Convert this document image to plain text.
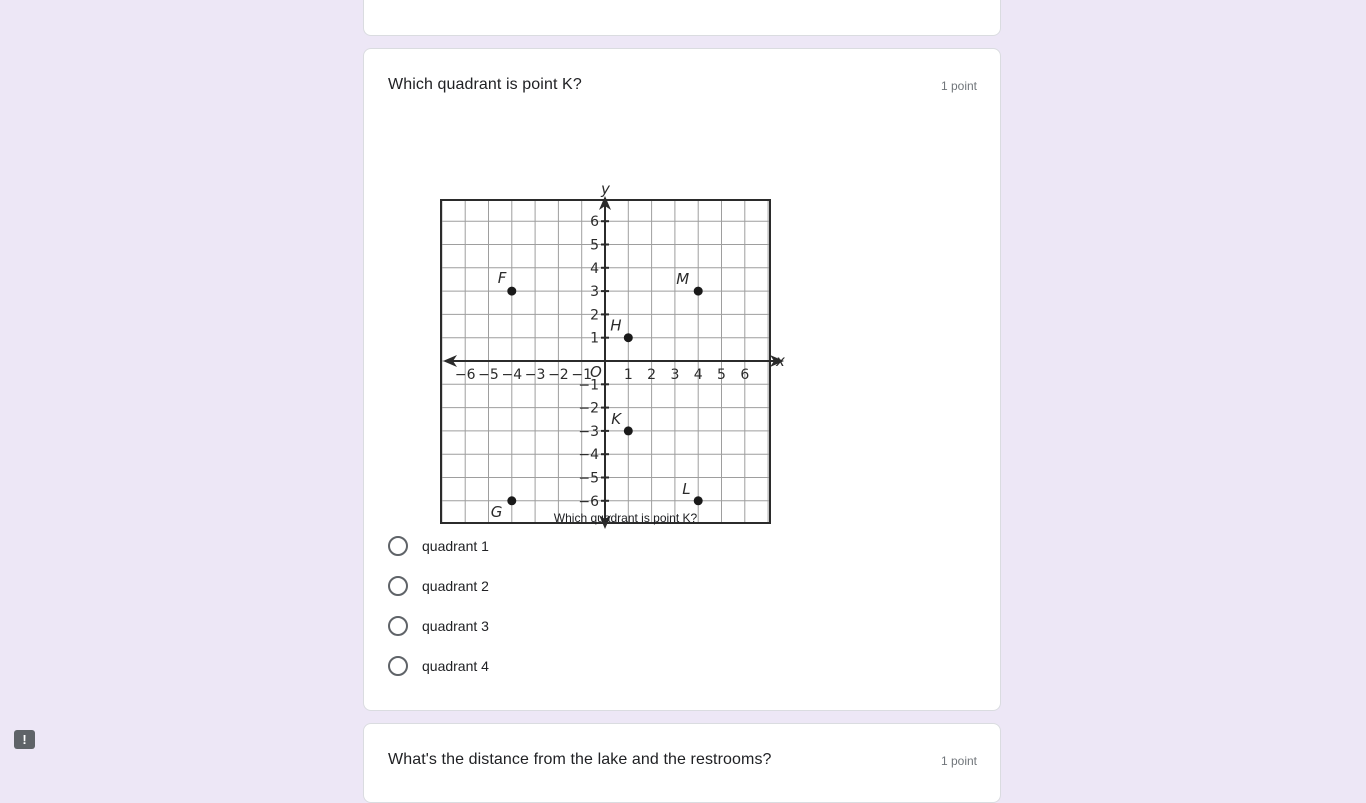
Which quadrant is point K?	1 point
x
y
O
−6 −5 −4 −3 −2 −1 1 2 3 4 5 6
6
5
4
3
2
1
−1
−2
−3
−4
−5
−6
F	M
H
K
G
L
Which quadrant is point K?
quadrant 1
quadrant 2
quadrant 3
quadrant 4
What's the distance from the lake and the restrooms?	1 point
!
